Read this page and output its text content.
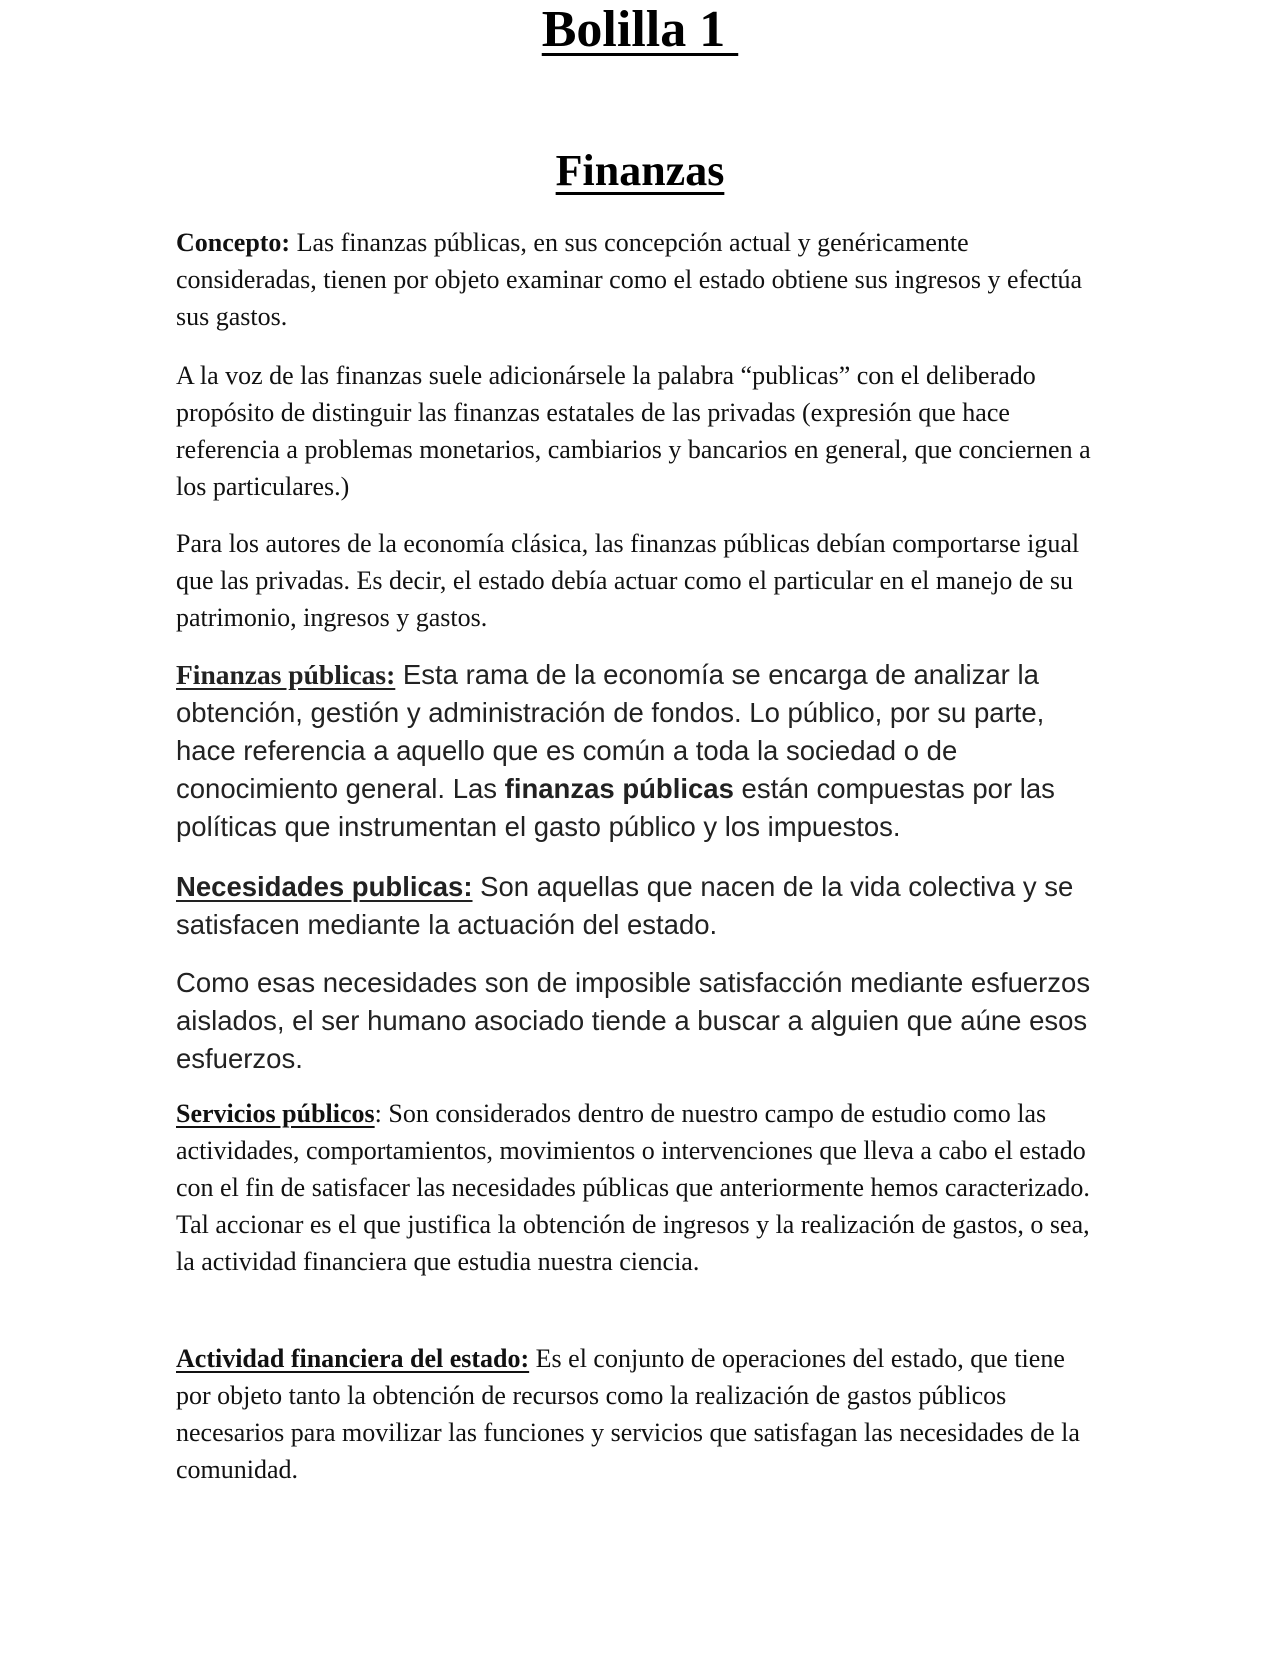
Bolilla 1
Finanzas

Concepto: Las finanzas públicas, en sus concepción actual y genéricamente consideradas, tienen por objeto examinar como el estado obtiene sus ingresos y efectúa sus gastos.

A la voz de las finanzas suele adicionársele la palabra “publicas” con el deliberado propósito de distinguir las finanzas estatales de las privadas (expresión que hace referencia a problemas monetarios, cambiarios y bancarios en general, que conciernen a los particulares.)

Para los autores de la economía clásica, las finanzas públicas debían comportarse igual que las privadas. Es decir, el estado debía actuar como el particular en el manejo de su patrimonio, ingresos y gastos.

Finanzas públicas: Esta rama de la economía se encarga de analizar la obtención, gestión y administración de fondos. Lo público, por su parte, hace referencia a aquello que es común a toda la sociedad o de conocimiento general. Las finanzas públicas están compuestas por las políticas que instrumentan el gasto público y los impuestos.

Necesidades publicas: Son aquellas que nacen de la vida colectiva y se satisfacen mediante la actuación del estado.

Como esas necesidades son de imposible satisfacción mediante esfuerzos aislados, el ser humano asociado tiende a buscar a alguien que aúne esos esfuerzos.

Servicios públicos: Son considerados dentro de nuestro campo de estudio como las actividades, comportamientos, movimientos o intervenciones que lleva a cabo el estado con el fin de satisfacer las necesidades públicas que anteriormente hemos caracterizado. Tal accionar es el que justifica la obtención de ingresos y la realización de gastos, o sea, la actividad financiera que estudia nuestra ciencia.

Actividad financiera del estado: Es el conjunto de operaciones del estado, que tiene por objeto tanto la obtención de recursos como la realización de gastos públicos necesarios para movilizar las funciones y servicios que satisfagan las necesidades de la comunidad.
